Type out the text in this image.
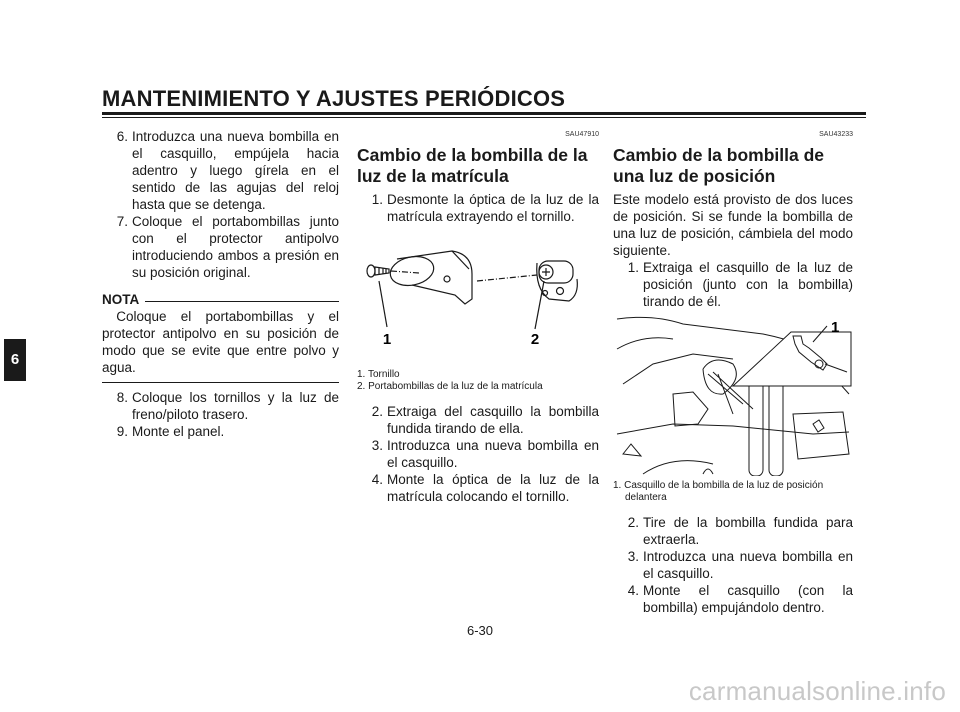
MANTENIMIENTO Y AJUSTES PERIÓDICOS
6
6. Introduzca una nueva bombilla en el casquillo, empújela hacia adentro y luego gírela en el sentido de las agujas del reloj hasta que se detenga.
7. Coloque el portabombillas junto con el protector antipolvo introduciendo ambos a presión en su posición original.
NOTA
Coloque el portabombillas y el protector antipolvo en su posición de modo que se evite que entre polvo y agua.
8. Coloque los tornillos y la luz de freno/piloto trasero.
9. Monte el panel.
SAU47910
Cambio de la bombilla de la luz de la matrícula
1. Desmonte la óptica de la luz de la matrícula extrayendo el tornillo.
1	2
1. Tornillo
2. Portabombillas de la luz de la matrícula
2. Extraiga del casquillo la bombilla fundida tirando de ella.
3. Introduzca una nueva bombilla en el casquillo.
4. Monte la óptica de la luz de la matrícula colocando el tornillo.
SAU43233
Cambio de la bombilla de una luz de posición

Este modelo está provisto de dos luces de posición. Si se funde la bombilla de una luz de posición, cámbiela del modo siguiente.

1. Extraiga el casquillo de la luz de posición (junto con la bombilla) tirando de él.
1
1. Casquillo de la bombilla de la luz de posición delantera
2. Tire de la bombilla fundida para extraerla.
3. Introduzca una nueva bombilla en el casquillo.
4. Monte el casquillo (con la bombilla) empujándolo dentro.
6-30
carmanualsonline.info
